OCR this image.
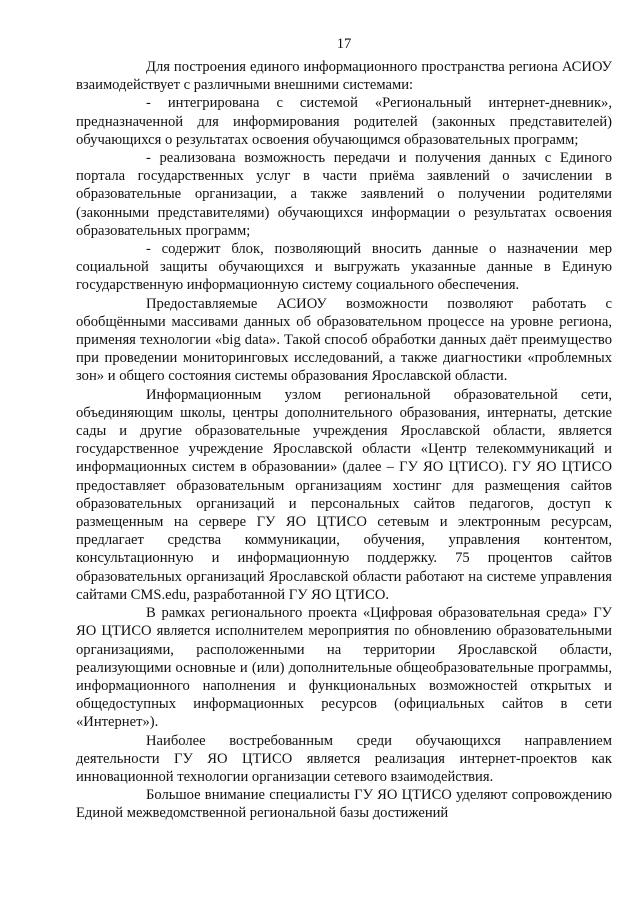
17

Для построения единого информационного пространства региона АСИОУ взаимодействует с различными внешними системами:

- интегрирована с системой «Региональный интернет-дневник», предназначенной для информирования родителей (законных представителей) обучающихся о результатах освоения обучающимся образовательных программ;

- реализована возможность передачи и получения данных с Единого портала государственных услуг в части приёма заявлений о зачислении в образовательные организации, а также заявлений о получении родителями (законными представителями) обучающихся информации о результатах освоения образовательных программ;

- содержит блок, позволяющий вносить данные о назначении мер социальной защиты обучающихся и выгружать указанные данные в Единую государственную информационную систему социального обеспечения.

Предоставляемые АСИОУ возможности позволяют работать с обобщёнными массивами данных об образовательном процессе на уровне региона, применяя технологии «big data». Такой способ обработки данных даёт преимущество при проведении мониторинговых исследований, а также диагностики «проблемных зон» и общего состояния системы образования Ярославской области.

Информационным узлом региональной образовательной сети, объединяющим школы, центры дополнительного образования, интернаты, детские сады и другие образовательные учреждения Ярославской области, является государственное учреждение Ярославской области «Центр телекоммуникаций и информационных систем в образовании» (далее – ГУ ЯО ЦТИСО). ГУ ЯО ЦТИСО предоставляет образовательным организациям хостинг для размещения сайтов образовательных организаций и персональных сайтов педагогов, доступ к размещенным на сервере ГУ ЯО ЦТИСО сетевым и электронным ресурсам, предлагает средства коммуникации, обучения, управления контентом, консультационную и информационную поддержку. 75 процентов сайтов образовательных организаций Ярославской области работают на системе управления сайтами CMS.edu, разработанной ГУ ЯО ЦТИСО.

В рамках регионального проекта «Цифровая образовательная среда» ГУ ЯО ЦТИСО является исполнителем мероприятия по обновлению образовательными организациями, расположенными на территории Ярославской области, реализующими основные и (или) дополнительные общеобразовательные программы, информационного наполнения и функциональных возможностей открытых и общедоступных информационных ресурсов (официальных сайтов в сети «Интернет»).

Наиболее востребованным среди обучающихся направлением деятельности ГУ ЯО ЦТИСО является реализация интернет-проектов как инновационной технологии организации сетевого взаимодействия.

Большое внимание специалисты ГУ ЯО ЦТИСО уделяют сопровождению Единой межведомственной региональной базы достижений
